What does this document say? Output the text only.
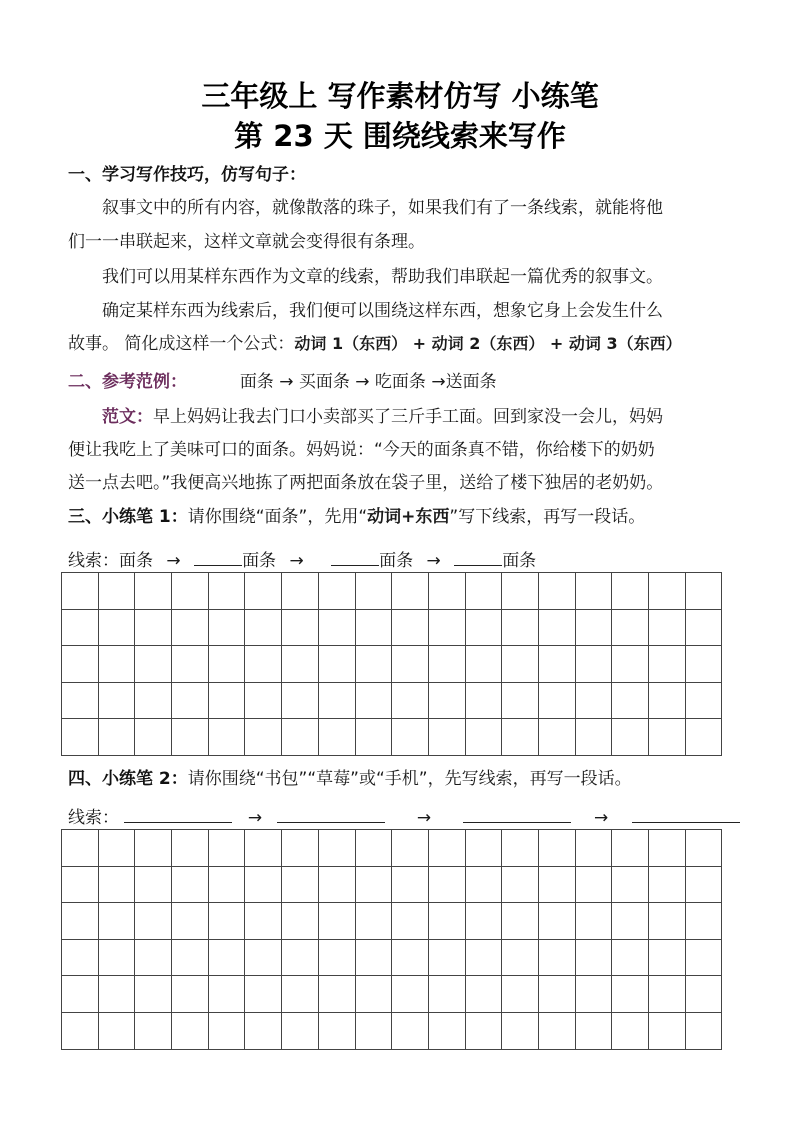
三年级上 写作素材仿写 小练笔
第 23 天 围绕线索来写作
一、学习写作技巧，仿写句子：
叙事文中的所有内容，就像散落的珠子，如果我们有了一条线索，就能将他
们一一串联起来，这样文章就会变得很有条理。
我们可以用某样东西作为文章的线索，帮助我们串联起一篇优秀的叙事文。
确定某样东西为线索后，我们便可以围绕这样东西，想象它身上会发生什么
故事。 简化成这样一个公式：动词 1（东西） + 动词 2（东西） + 动词 3（东西）
二、参考范例：	面条 → 买面条 → 吃面条 →送面条
范文：早上妈妈让我去门口小卖部买了三斤手工面。回到家没一会儿，妈妈
便让我吃上了美味可口的面条。妈妈说：“今天的面条真不错，你给楼下的奶奶
送一点去吧。”我便高兴地拣了两把面条放在袋子里，送给了楼下独居的老奶奶。
三、小练笔 1：请你围绕“面条”，先用“动词+东西”写下线索，再写一段话。
线索：面条 →	面条 →	面条 →	面条
四、小练笔 2：请你围绕“书包”“草莓”或“手机”，先写线索，再写一段话。
线索：	→	→	→
